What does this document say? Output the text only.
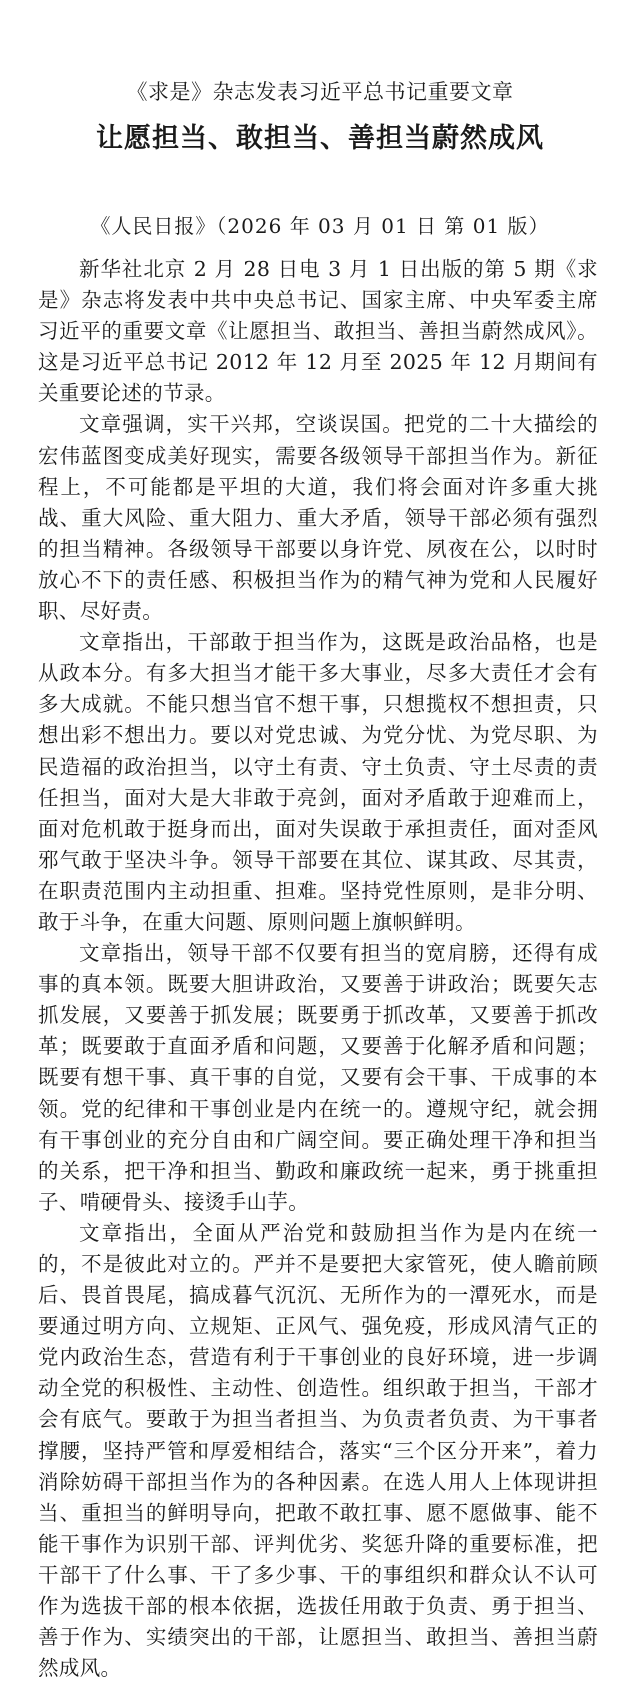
《求是》杂志发表习近平总书记重要文章
让愿担当、敢担当、善担当蔚然成风
《人民日报》（2026 年 03 月 01 日 第 01 版）

新华社北京 2 月 28 日电 3 月 1 日出版的第 5 期《求是》杂志将发表中共中央总书记、国家主席、中央军委主席习近平的重要文章《让愿担当、敢担当、善担当蔚然成风》。这是习近平总书记 2012 年 12 月至 2025 年 12 月期间有关重要论述的节录。

文章强调，实干兴邦，空谈误国。把党的二十大描绘的宏伟蓝图变成美好现实，需要各级领导干部担当作为。新征程上，不可能都是平坦的大道，我们将会面对许多重大挑战、重大风险、重大阻力、重大矛盾，领导干部必须有强烈的担当精神。各级领导干部要以身许党、夙夜在公，以时时放心不下的责任感、积极担当作为的精气神为党和人民履好职、尽好责。

文章指出，干部敢于担当作为，这既是政治品格，也是从政本分。有多大担当才能干多大事业，尽多大责任才会有多大成就。不能只想当官不想干事，只想揽权不想担责，只想出彩不想出力。要以对党忠诚、为党分忧、为党尽职、为民造福的政治担当，以守土有责、守土负责、守土尽责的责任担当，面对大是大非敢于亮剑，面对矛盾敢于迎难而上，面对危机敢于挺身而出，面对失误敢于承担责任，面对歪风邪气敢于坚决斗争。领导干部要在其位、谋其政、尽其责，在职责范围内主动担重、担难。坚持党性原则，是非分明、敢于斗争，在重大问题、原则问题上旗帜鲜明。

文章指出，领导干部不仅要有担当的宽肩膀，还得有成事的真本领。既要大胆讲政治，又要善于讲政治；既要矢志抓发展，又要善于抓发展；既要勇于抓改革，又要善于抓改革；既要敢于直面矛盾和问题，又要善于化解矛盾和问题；既要有想干事、真干事的自觉，又要有会干事、干成事的本领。党的纪律和干事创业是内在统一的。遵规守纪，就会拥有干事创业的充分自由和广阔空间。要正确处理干净和担当的关系，把干净和担当、勤政和廉政统一起来，勇于挑重担子、啃硬骨头、接烫手山芋。

文章指出，全面从严治党和鼓励担当作为是内在统一的，不是彼此对立的。严并不是要把大家管死，使人瞻前顾后、畏首畏尾，搞成暮气沉沉、无所作为的一潭死水，而是要通过明方向、立规矩、正风气、强免疫，形成风清气正的党内政治生态，营造有利于干事创业的良好环境，进一步调动全党的积极性、主动性、创造性。组织敢于担当，干部才会有底气。要敢于为担当者担当、为负责者负责、为干事者撑腰，坚持严管和厚爱相结合，落实“三个区分开来”，着力消除妨碍干部担当作为的各种因素。在选人用人上体现讲担当、重担当的鲜明导向，把敢不敢扛事、愿不愿做事、能不能干事作为识别干部、评判优劣、奖惩升降的重要标准，把干部干了什么事、干了多少事、干的事组织和群众认不认可作为选拔干部的根本依据，选拔任用敢于负责、勇于担当、善于作为、实绩突出的干部，让愿担当、敢担当、善担当蔚然成风。
